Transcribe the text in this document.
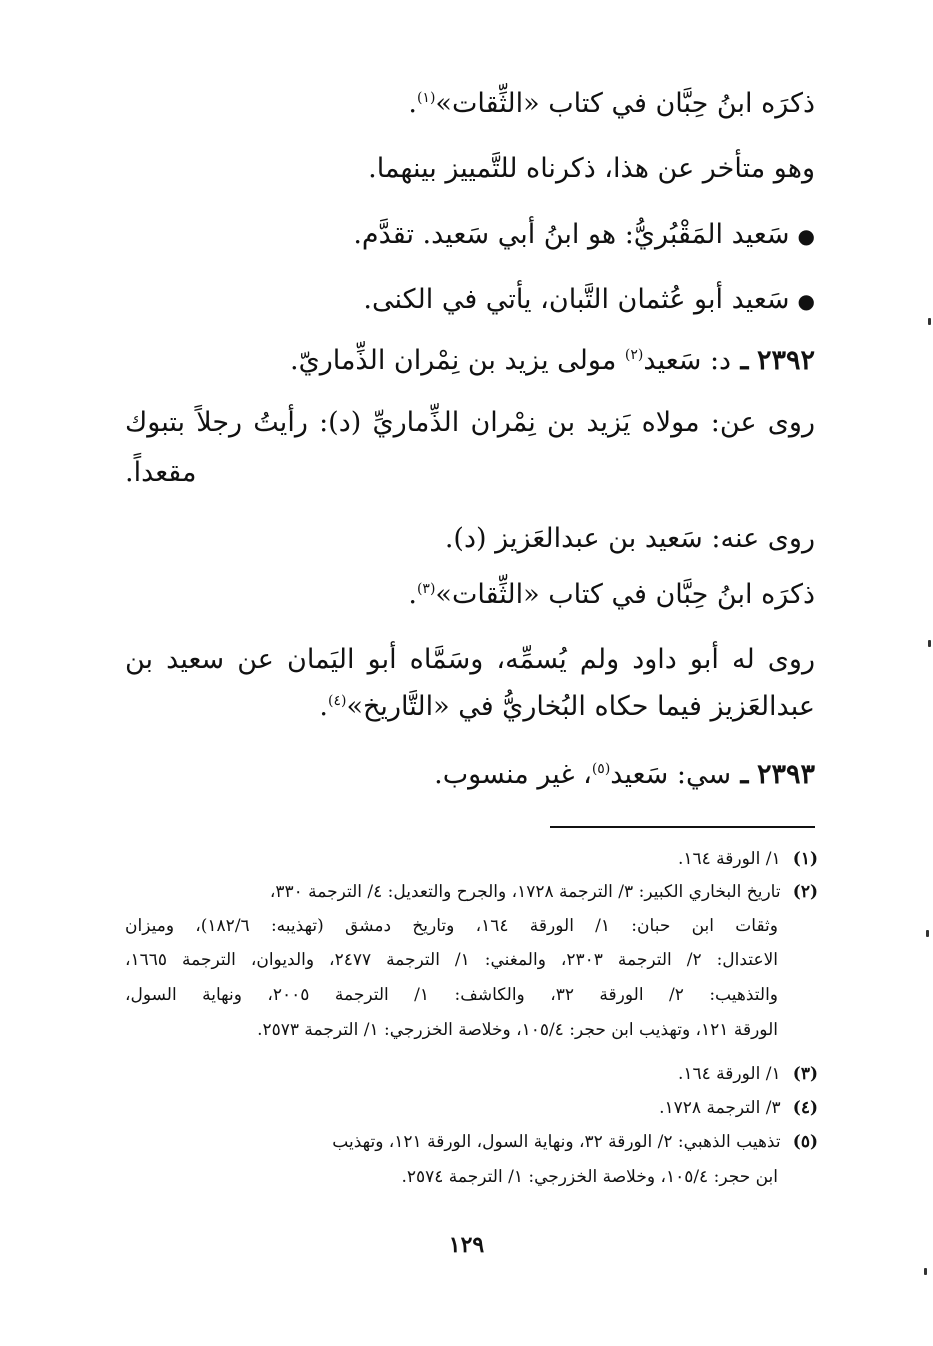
ذكرَه ابنُ حِبَّان في كتاب «الثِّقات»$^{(١)}$.
وهو متأخر عن هذا، ذكرناه للتَّمييز بينهما.
● سَعيد المَقْبُريُّ: هو ابنُ أبي سَعيد. تقدَّم.
● سَعيد أبو عُثمان التَّبان، يأتي في الكنى.
٢٣٩٢ ـ د: سَعيد$^{(٢)}$ مولى يزيد بن نِمْران الذِّماريّ.
روى عن: مولاه يَزيد بن نِمْران الذِّماريِّ (د): رأيتُ رجلاً بتبوك
مقعداً.
روى عنه: سَعيد بن عبدالعَزيز (د).
ذكرَه ابنُ حِبَّان في كتاب «الثِّقات»$^{(٣)}$.
روى له أبو داود ولم يُسمِّه، وسَمَّاه أبو اليَمان عن سعيد بن
عبدالعَزيز فيما حكاه البُخاريُّ في «التَّاريخ»$^{(٤)}$.
٢٣٩٣ ـ سي: سَعيد$^{(٥)}$، غير منسوب.
(١) ١/ الورقة ١٦٤.
(٢) تاريخ البخاري الكبير: ٣/ الترجمة ١٧٢٨، والجرح والتعديل: ٤/ الترجمة ٣٣٠،
وثقات ابن حبان: ١/ الورقة ١٦٤، وتاريخ دمشق (تهذيبه: ١٨٢/٦)، وميزان
الاعتدال: ٢/ الترجمة ٢٣٠٣، والمغني: ١/ الترجمة ٢٤٧٧، والديوان، الترجمة ١٦٦٥،
والتذهيب: ٢/ الورقة ٣٢، والكاشف: ١/ الترجمة ٢٠٠٥، ونهاية السول،
الورقة ١٢١، وتهذيب ابن حجر: ١٠٥/٤، وخلاصة الخزرجي: ١/ الترجمة ٢٥٧٣.
(٣) ١/ الورقة ١٦٤.
(٤) ٣/ الترجمة ١٧٢٨.
(٥) تذهيب الذهبي: ٢/ الورقة ٣٢، ونهاية السول، الورقة ١٢١، وتهذيب
ابن حجر: ١٠٥/٤، وخلاصة الخزرجي: ١/ الترجمة ٢٥٧٤.
١٢٩
